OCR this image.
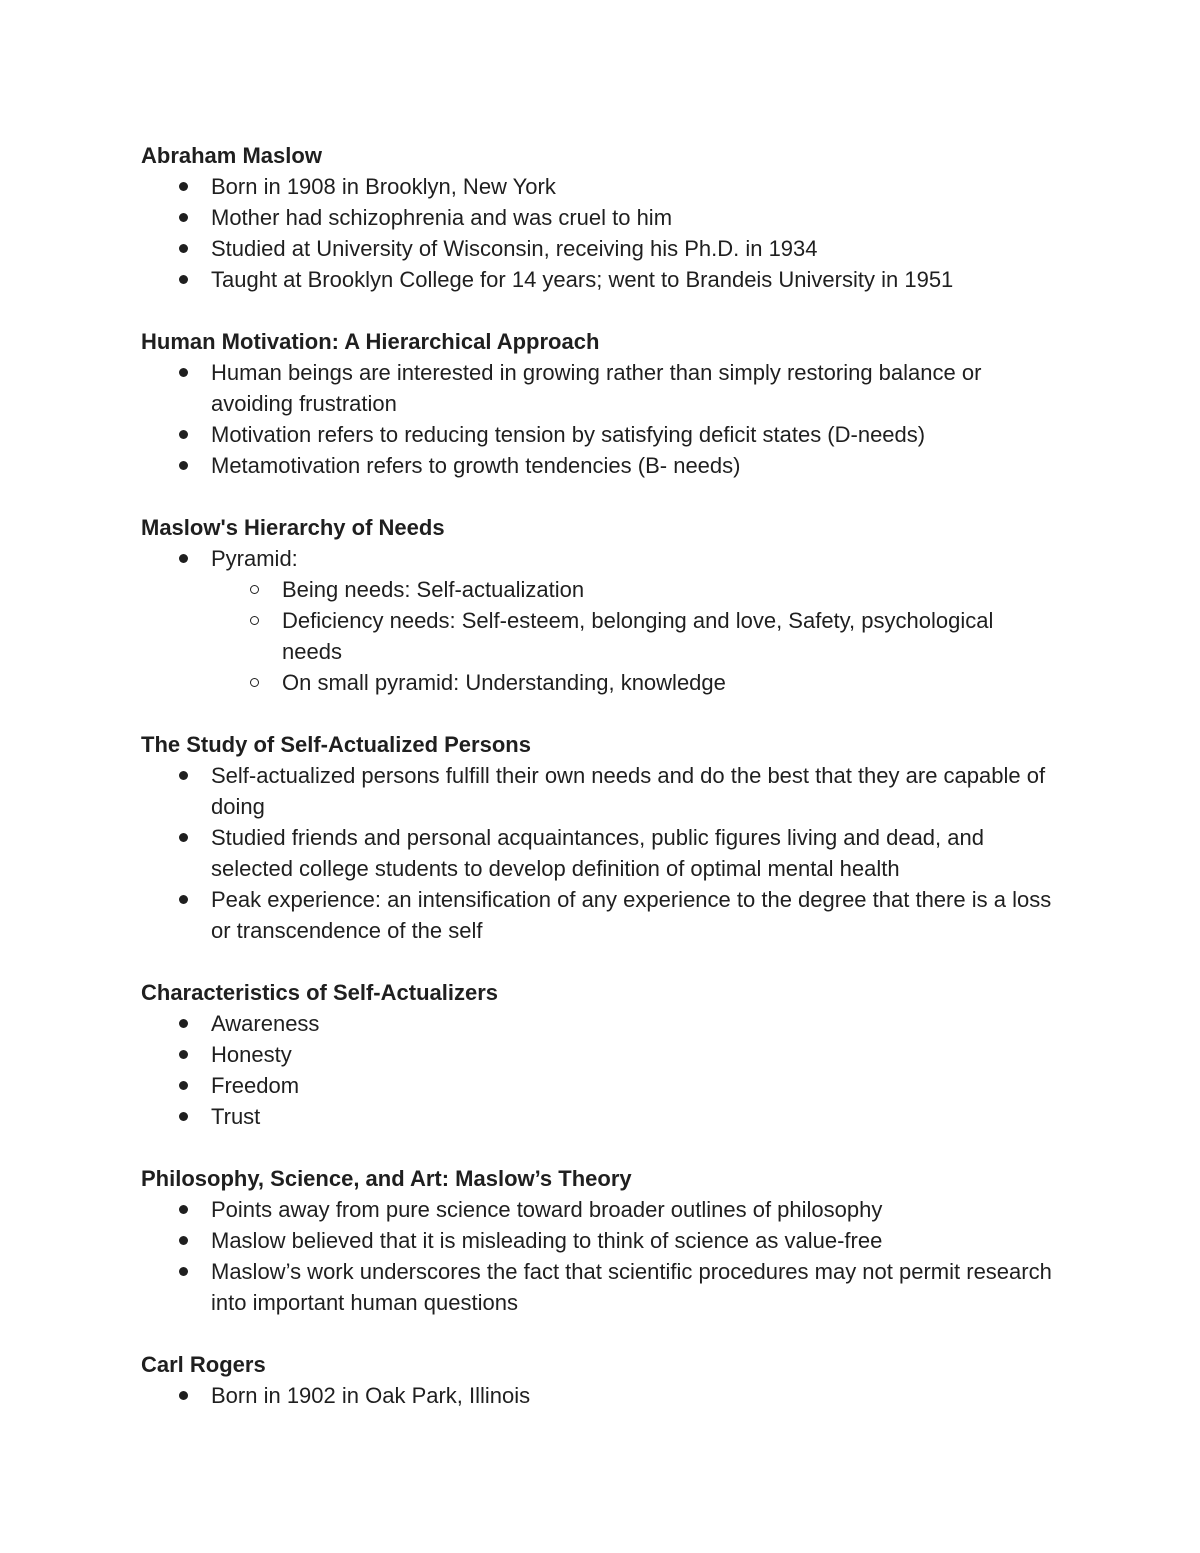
Abraham Maslow
Born in 1908 in Brooklyn, New York
Mother had schizophrenia and was cruel to him
Studied at University of Wisconsin, receiving his Ph.D. in 1934
Taught at Brooklyn College for 14 years; went to Brandeis University in 1951
Human Motivation: A Hierarchical Approach
Human beings are interested in growing rather than simply restoring balance or avoiding frustration
Motivation refers to reducing tension by satisfying deficit states (D-needs)
Metamotivation refers to growth tendencies (B- needs)
Maslow's Hierarchy of Needs
Pyramid:
Being needs: Self-actualization
Deficiency needs: Self-esteem, belonging and love, Safety, psychological needs
On small pyramid: Understanding, knowledge
The Study of Self-Actualized Persons
Self-actualized persons fulfill their own needs and do the best that they are capable of doing
Studied friends and personal acquaintances, public figures living and dead, and selected college students to develop definition of optimal mental health
Peak experience: an intensification of any experience to the degree that there is a loss or transcendence of the self
Characteristics of Self-Actualizers
Awareness
Honesty
Freedom
Trust
Philosophy, Science, and Art: Maslow’s Theory
Points away from pure science toward broader outlines of philosophy
Maslow believed that it is misleading to think of science as value-free
Maslow’s work underscores the fact that scientific procedures may not permit research into important human questions
Carl Rogers
Born in 1902 in Oak Park, Illinois
